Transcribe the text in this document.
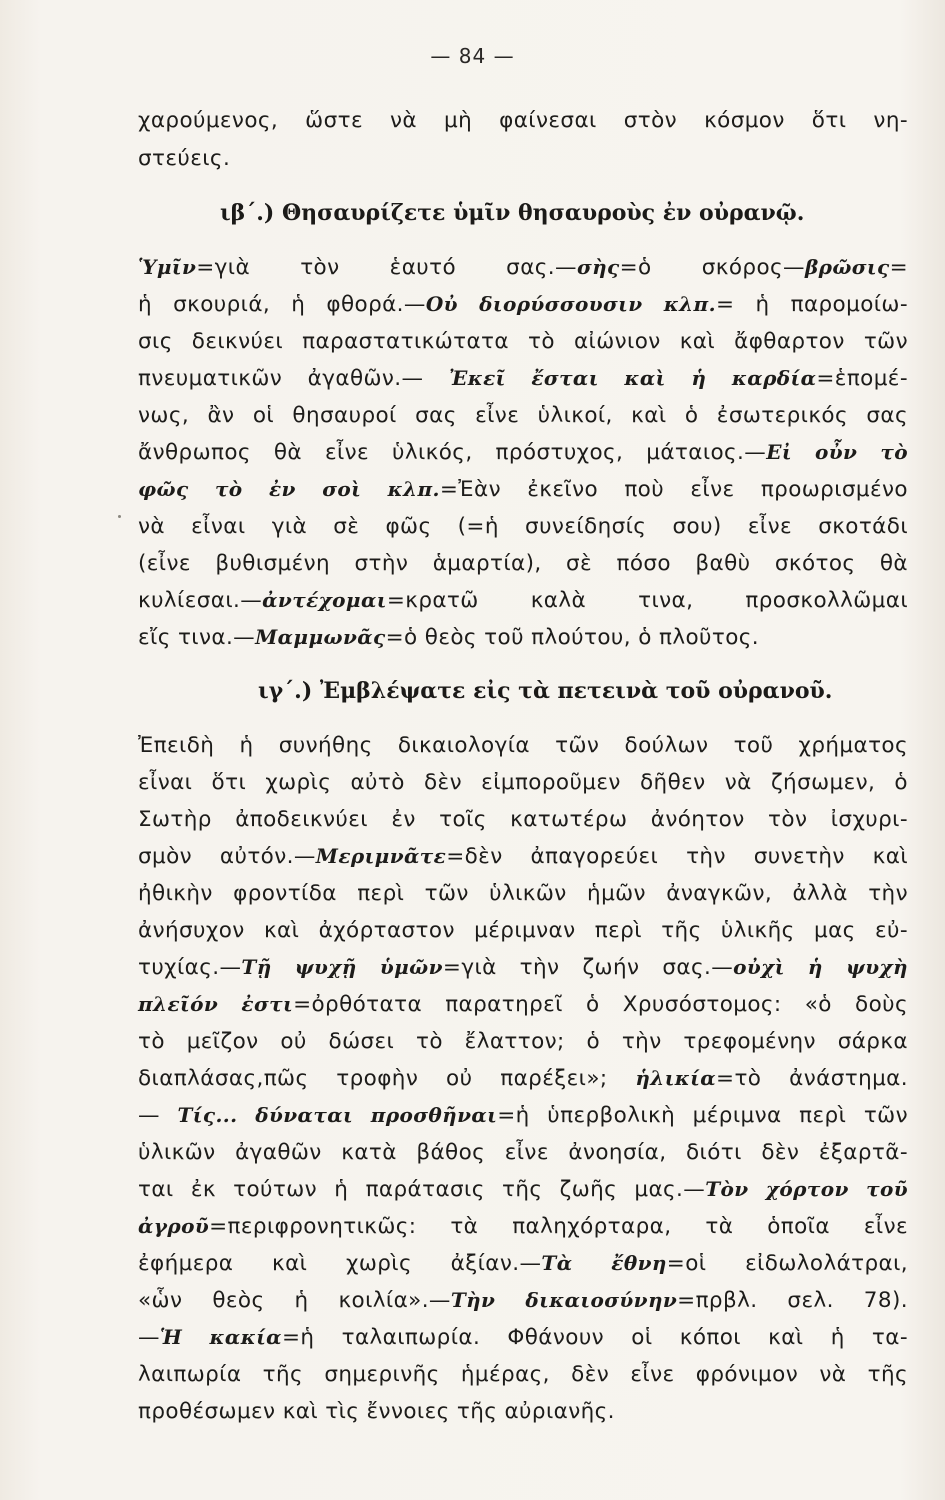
— 84 —
χαρούμενος, ὥστε νὰ μὴ φαίνεσαι στὸν κόσμον ὅτι νη-
στεύεις.
ιβ΄.) Θησαυρίζετε ὑμῖν θησαυροὺς ἐν οὐρανῷ.
Ὑμῖν=γιὰ τὸν ἑαυτό σας.—σὴς=ὁ σκόρος—βρῶσις=
ἡ σκουριά, ἡ φθορά.—Οὐ διορύσσουσιν κλπ.= ἡ παρομοίω-
σις δεικνύει παραστατικώτατα τὸ αἰώνιον καὶ ἄφθαρτον τῶν
πνευματικῶν ἀγαθῶν.— Ἐκεῖ ἔσται καὶ ἡ καρδία=ἑπομέ-
νως, ἂν οἱ θησαυροί σας εἶνε ὑλικοί, καὶ ὁ ἐσωτερικός σας
ἄνθρωπος θὰ εἶνε ὑλικός, πρόστυχος, μάταιος.—Εἰ οὖν τὸ
φῶς τὸ ἐν σοὶ κλπ.=Ἐὰν ἐκεῖνο ποὺ εἶνε προωρισμένο
νὰ εἶναι γιὰ σὲ φῶς (=ἡ συνείδησίς σου) εἶνε σκοτάδι
(εἶνε βυθισμένη στὴν ἁμαρτία), σὲ πόσο βαθὺ σκότος θὰ
κυλίεσαι.—ἀντέχομαι=κρατῶ καλὰ τινα, προσκολλῶμαι
εἴς τινα.—Μαμμωνᾶς=ὁ θεὸς τοῦ πλούτου, ὁ πλοῦτος.
ιγ΄.) Ἐμβλέψατε εἰς τὰ πετεινὰ τοῦ οὐρανοῦ.
Ἐπειδὴ ἡ συνήθης δικαιολογία τῶν δούλων τοῦ χρήματος
εἶναι ὅτι χωρὶς αὐτὸ δὲν εἰμποροῦμεν δῆθεν νὰ ζήσωμεν, ὁ
Σωτὴρ ἀποδεικνύει ἐν τοῖς κατωτέρω ἀνόητον τὸν ἰσχυρι-
σμὸν αὐτόν.—Μεριμνᾶτε=δὲν ἀπαγορεύει τὴν συνετὴν καὶ
ἠθικὴν φροντίδα περὶ τῶν ὑλικῶν ἡμῶν ἀναγκῶν, ἀλλὰ τὴν
ἀνήσυχον καὶ ἀχόρταστον μέριμναν περὶ τῆς ὑλικῆς μας εὐ-
τυχίας.—Τῇ ψυχῇ ὑμῶν=γιὰ τὴν ζωήν σας.—οὐχὶ ἡ ψυχὴ
πλεῖόν ἐστι=ὀρθότατα παρατηρεῖ ὁ Χρυσόστομος: «ὁ δοὺς
τὸ μεῖζον οὐ δώσει τὸ ἔλαττον; ὁ τὴν τρεφομένην σάρκα
διαπλάσας,πῶς τροφὴν οὐ παρέξει»; ἡλικία=τὸ ἀνάστημα.
— Τίς... δύναται προσθῆναι=ἡ ὑπερβολικὴ μέριμνα περὶ τῶν
ὑλικῶν ἀγαθῶν κατὰ βάθος εἶνε ἀνοησία, διότι δὲν ἐξαρτᾶ-
ται ἐκ τούτων ἡ παράτασις τῆς ζωῆς μας.—Τὸν χόρτον τοῦ
ἀγροῦ=περιφρονητικῶς: τὰ παληχόρταρα, τὰ ὁποῖα εἶνε
ἐφήμερα καὶ χωρὶς ἀξίαν.—Τὰ ἔθνη=οἱ εἰδωλολάτραι,
«ὧν θεὸς ἡ κοιλία».—Τὴν δικαιοσύνην=πρβλ. σελ. 78).
—Ἡ κακία=ἡ ταλαιπωρία. Φθάνουν οἱ κόποι καὶ ἡ τα-
λαιπωρία τῆς σημερινῆς ἡμέρας, δὲν εἶνε φρόνιμον νὰ τῆς
προθέσωμεν καὶ τὶς ἔννοιες τῆς αὐριανῆς.
